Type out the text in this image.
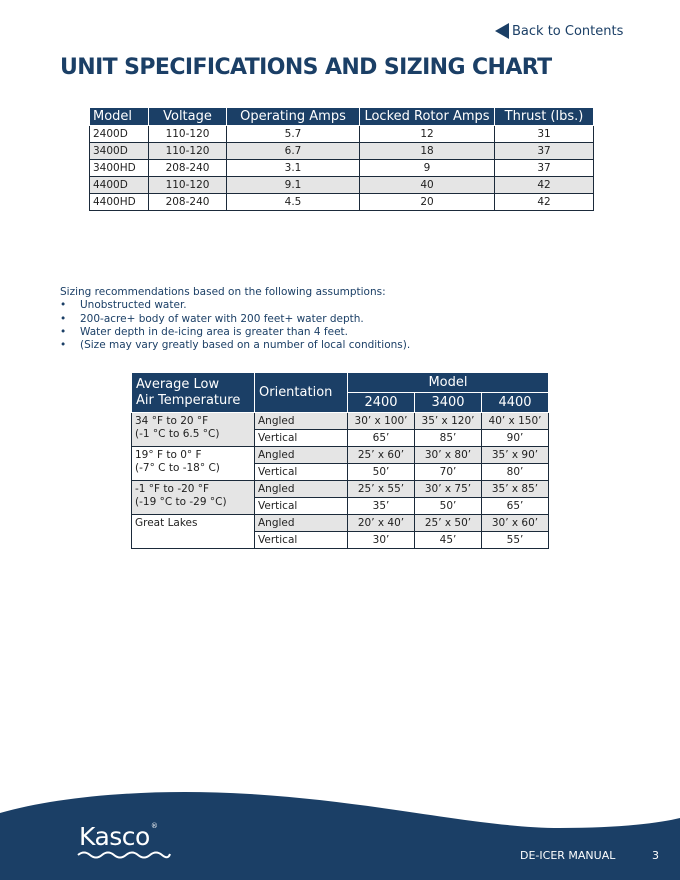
Back to Contents
UNIT SPECIFICATIONS AND SIZING CHART
Model	Voltage	Operating Amps	Locked Rotor Amps	Thrust (lbs.)
2400D	110-120	5.7	12	31
3400D	110-120	6.7	18	37
3400HD	208-240	3.1	9	37
4400D	110-120	9.1	40	42
4400HD	208-240	4.5	20	42
Sizing recommendations based on the following assumptions:
• Unobstructed water.
• 200-acre+ body of water with 200 feet+ water depth.
• Water depth in de-icing area is greater than 4 feet.
• (Size may vary greatly based on a number of local conditions).
Average Low
Air Temperature	Orientation	Model		
		2400	3400	4400
34 °F to 20 °F
(-1 °C to 6.5 °C)	Angled	30’ x 100’	35’ x 120’	40’ x 150’
	Vertical	65’	85’	90’
19° F to 0° F
(-7° C to -18° C)	Angled	25’ x 60’	30’ x 80’	35’ x 90’
	Vertical	50’	70’	80’
-1 °F to -20 °F
(-19 °C to -29 °C)	Angled	25’ x 55’	30’ x 75’	35’ x 85’
	Vertical	35’	50’	65’
Great Lakes	Angled	20’ x 40’	25’ x 50’	30’ x 60’
	Vertical	30’	45’	55’
Kasco®
DE-ICER MANUAL	3
